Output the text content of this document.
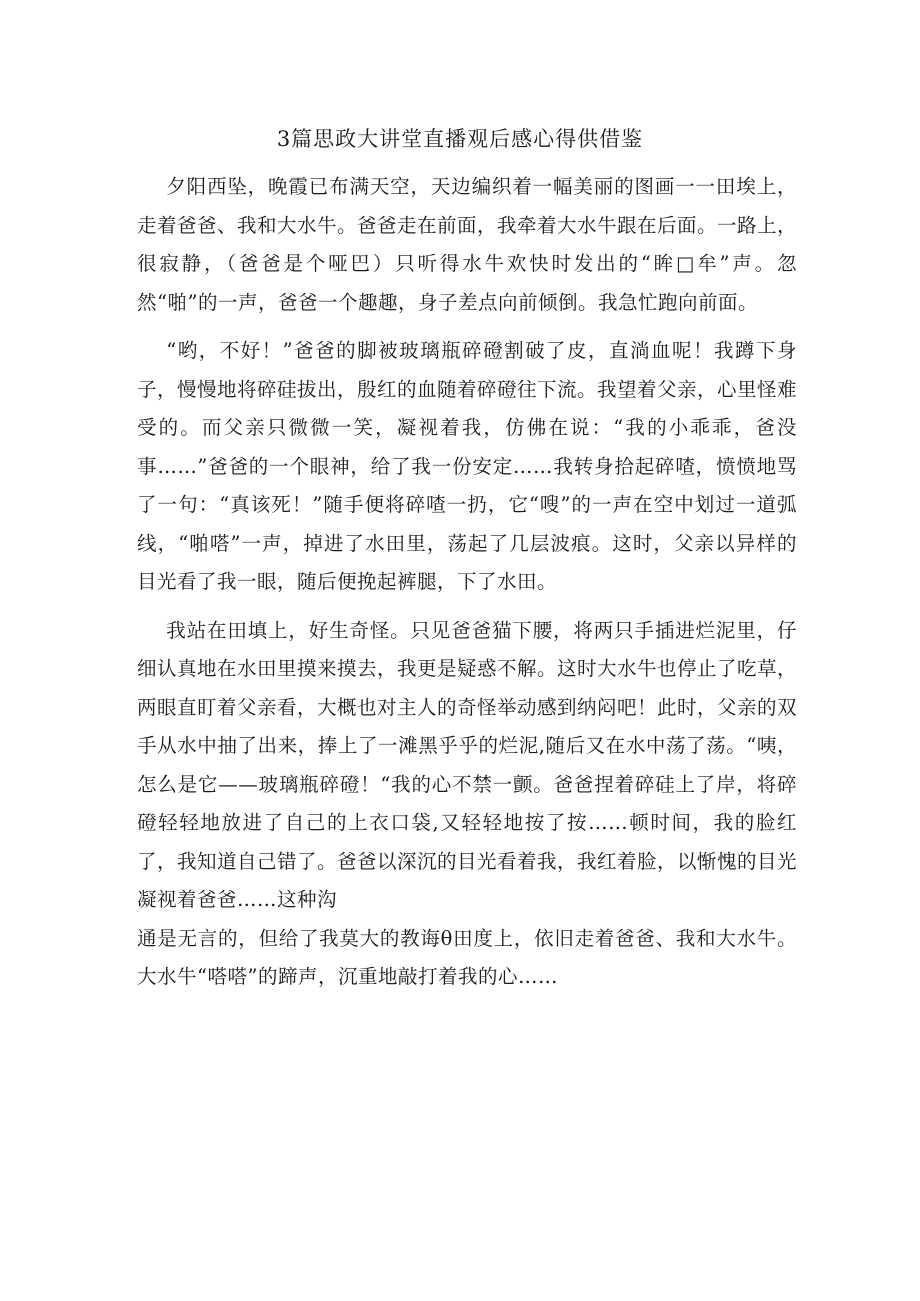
3篇思政大讲堂直播观后感心得供借鉴

夕阳西坠，晚霞已布满天空，天边编织着一幅美丽的图画一一田埃上，走着爸爸、我和大水牛。爸爸走在前面，我牵着大水牛跟在后面。一路上，很寂静，（爸爸是个哑巴）只听得水牛欢快时发出的“眸□牟”声。忽然“啪”的一声，爸爸一个趣趣，身子差点向前倾倒。我急忙跑向前面。

“哟，不好！”爸爸的脚被玻璃瓶碎磴割破了皮，直淌血呢！我蹲下身子，慢慢地将碎硅拔出，殷红的血随着碎磴往下流。我望着父亲，心里怪难受的。而父亲只微微一笑，凝视着我，仿佛在说：“我的小乖乖，爸没事……”爸爸的一个眼神，给了我一份安定……我转身拾起碎喳，愤愤地骂了一句：“真该死！”随手便将碎喳一扔，它“嗖”的一声在空中划过一道弧线，“啪嗒”一声，掉进了水田里，荡起了几层波痕。这时，父亲以异样的目光看了我一眼，随后便挽起裤腿，下了水田。

我站在田填上，好生奇怪。只见爸爸猫下腰，将两只手插进烂泥里，仔细认真地在水田里摸来摸去，我更是疑惑不解。这时大水牛也停止了吃草，两眼直盯着父亲看，大概也对主人的奇怪举动感到纳闷吧！此时，父亲的双手从水中抽了出来，捧上了一滩黑乎乎的烂泥,随后又在水中荡了荡。“咦，怎么是它——玻璃瓶碎磴！“我的心不禁一颤。爸爸捏着碎硅上了岸，将碎磴轻轻地放进了自己的上衣口袋,又轻轻地按了按……顿时间，我的脸红了，我知道自己错了。爸爸以深沉的目光看着我，我红着脸，以惭愧的目光凝视着爸爸……这种沟

通是无言的，但给了我莫大的教诲θ田度上，依旧走着爸爸、我和大水牛。大水牛“嗒嗒”的蹄声，沉重地敲打着我的心……
